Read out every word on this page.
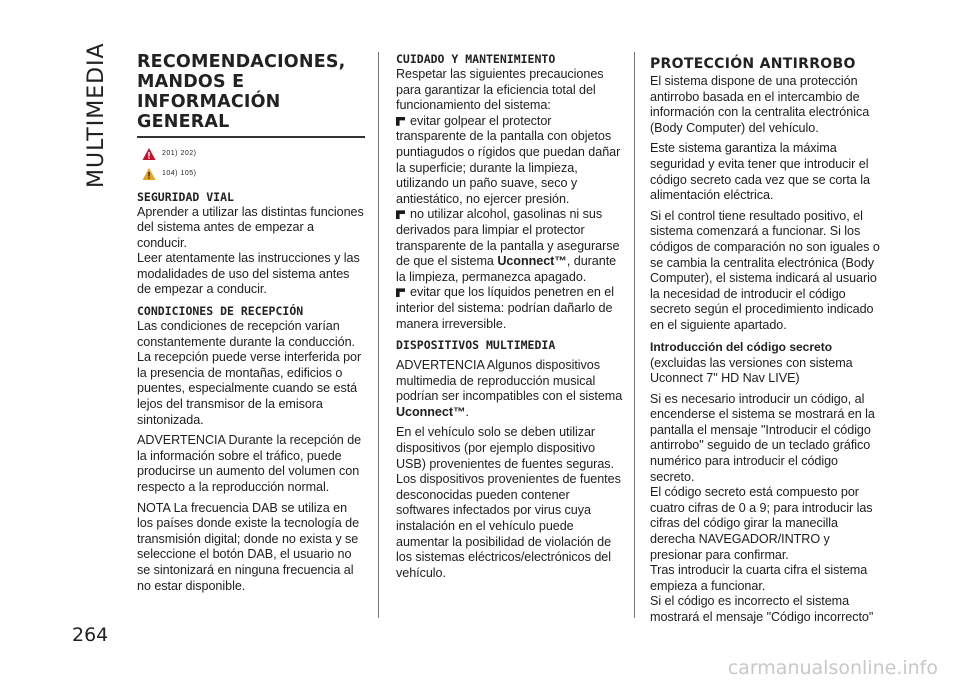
MULTIMEDIA RECOMENDACIONES, MANDOS E INFORMACIÓN GENERAL
201) 202)
104) 105)
SEGURIDAD VIAL

Aprender a utilizar las distintas funciones del sistema antes de empezar a conducir.

Leer atentamente las instrucciones y las modalidades de uso del sistema antes de empezar a conducir.

CONDICIONES DE RECEPCIÓN

Las condiciones de recepción varían constantemente durante la conducción. La recepción puede verse interferida por la presencia de montañas, edificios o puentes, especialmente cuando se está lejos del transmisor de la emisora sintonizada.

ADVERTENCIA Durante la recepción de la información sobre el tráfico, puede producirse un aumento del volumen con respecto a la reproducción normal.

NOTA La frecuencia DAB se utiliza en los países donde existe la tecnología de transmisión digital; donde no exista y se seleccione el botón DAB, el usuario no se sintonizará en ninguna frecuencia al no estar disponible.

CUIDADO Y MANTENIMIENTO

Respetar las siguientes precauciones para garantizar la eficiencia total del funcionamiento del sistema:

evitar golpear el protector transparente de la pantalla con objetos puntiagudos o rígidos que puedan dañar la superficie; durante la limpieza, utilizando un paño suave, seco y antiestático, no ejercer presión.

no utilizar alcohol, gasolinas ni sus derivados para limpiar el protector transparente de la pantalla y asegurarse de que el sistema Uconnect™, durante la limpieza, permanezca apagado.

evitar que los líquidos penetren en el interior del sistema: podrían dañarlo de manera irreversible.

DISPOSITIVOS MULTIMEDIA

ADVERTENCIA Algunos dispositivos multimedia de reproducción musical podrían ser incompatibles con el sistema Uconnect™.

En el vehículo solo se deben utilizar dispositivos (por ejemplo dispositivo USB) provenientes de fuentes seguras. Los dispositivos provenientes de fuentes desconocidas pueden contener softwares infectados por virus cuya instalación en el vehículo puede aumentar la posibilidad de violación de los sistemas eléctricos/electrónicos del vehículo.

PROTECCIÓN ANTIRROBO

El sistema dispone de una protección antirrobo basada en el intercambio de información con la centralita electrónica (Body Computer) del vehículo.

Este sistema garantiza la máxima seguridad y evita tener que introducir el código secreto cada vez que se corta la alimentación eléctrica.

Si el control tiene resultado positivo, el sistema comenzará a funcionar. Si los códigos de comparación no son iguales o se cambia la centralita electrónica (Body Computer), el sistema indicará al usuario la necesidad de introducir el código secreto según el procedimiento indicado en el siguiente apartado.

Introducción del código secreto

(excluidas las versiones con sistema Uconnect 7" HD Nav LIVE)

Si es necesario introducir un código, al encenderse el sistema se mostrará en la pantalla el mensaje "Introducir el código antirrobo" seguido de un teclado gráfico numérico para introducir el código secreto.

El código secreto está compuesto por cuatro cifras de 0 a 9; para introducir las cifras del código girar la manecilla derecha NAVEGADOR/INTRO y presionar para confirmar.

Tras introducir la cuarta cifra el sistema empieza a funcionar.

Si el código es incorrecto el sistema mostrará el mensaje "Código incorrecto"

264
carmanualsonline.info
